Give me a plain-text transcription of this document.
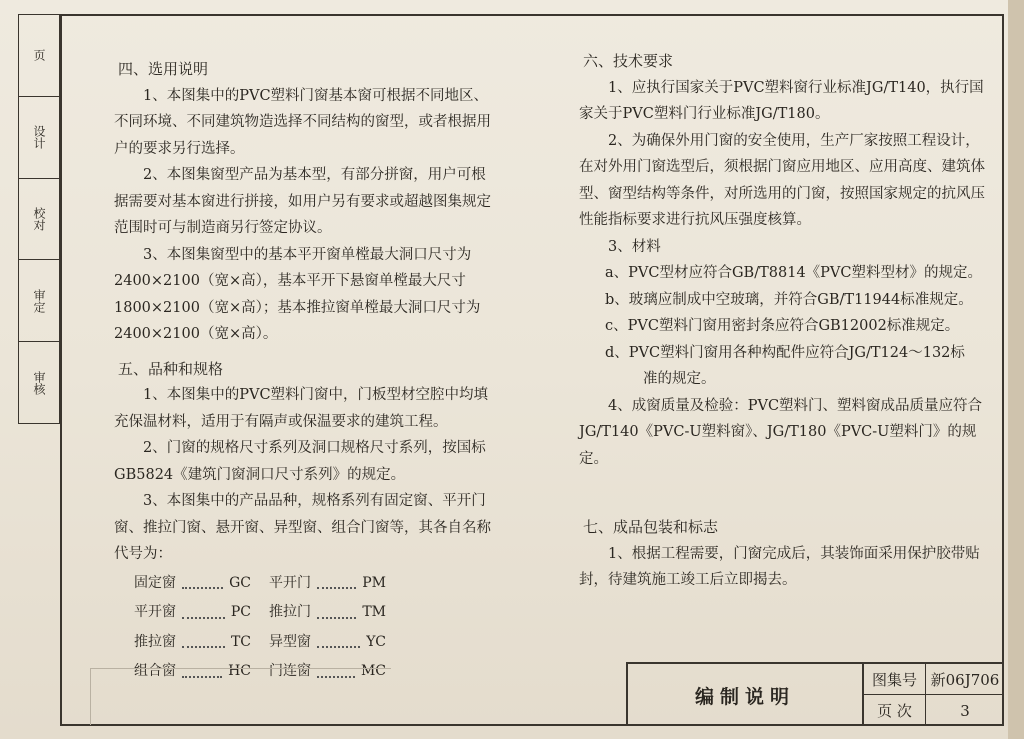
页
设计
校对
审定
审核

四、选用说明

1、本图集中的PVC塑料门窗基本窗可根据不同地区、不同环境、不同建筑物造选择不同结构的窗型，或者根据用户的要求另行选择。

2、本图集窗型产品为基本型，有部分拼窗，用户可根据需要对基本窗进行拼接，如用户另有要求或超越图集规定范围时可与制造商另行签定协议。

3、本图集窗型中的基本平开窗单樘最大洞口尺寸为2400×2100（宽×高），基本平开下悬窗单樘最大尺寸1800×2100（宽×高）；基本推拉窗单樘最大洞口尺寸为2400×2100（宽×高）。

五、品种和规格

1、本图集中的PVC塑料门窗中，门板型材空腔中均填充保温材料，适用于有隔声或保温要求的建筑工程。

2、门窗的规格尺寸系列及洞口规格尺寸系列，按国标GB5824《建筑门窗洞口尺寸系列》的规定。

3、本图集中的产品品种，规格系列有固定窗、平开门窗、推拉门窗、悬开窗、异型窗、组合门窗等，其各自名称代号为：

固定窗	GC 平开门	PM
平开窗	PC 推拉门	TM
推拉窗	TC 异型窗	YC
组合窗	HC 门连窗	MC

六、技术要求

1、应执行国家关于PVC塑料窗行业标准JG/T140，执行国家关于PVC塑料门行业标准JG/T180。

2、为确保外用门窗的安全使用，生产厂家按照工程设计，在对外用门窗选型后，须根据门窗应用地区、应用高度、建筑体型、窗型结构等条件，对所选用的门窗，按照国家规定的抗风压性能指标要求进行抗风压强度核算。

3、材料

a、PVC型材应符合GB/T8814《PVC塑料型材》的规定。

b、玻璃应制成中空玻璃，并符合GB/T11944标准规定。

c、PVC塑料门窗用密封条应符合GB12002标准规定。

d、PVC塑料门窗用各种构配件应符合JG/T124～132标

准的规定。

4、成窗质量及检验：PVC塑料门、塑料窗成品质量应符合JG/T140《PVC-U塑料窗》、JG/T180《PVC-U塑料门》的规定。

七、成品包装和标志

1、根据工程需要，门窗完成后，其装饰面采用保护胶带贴封，待建筑施工竣工后立即揭去。

编制说明
图集号 新06J706
页 次	3
